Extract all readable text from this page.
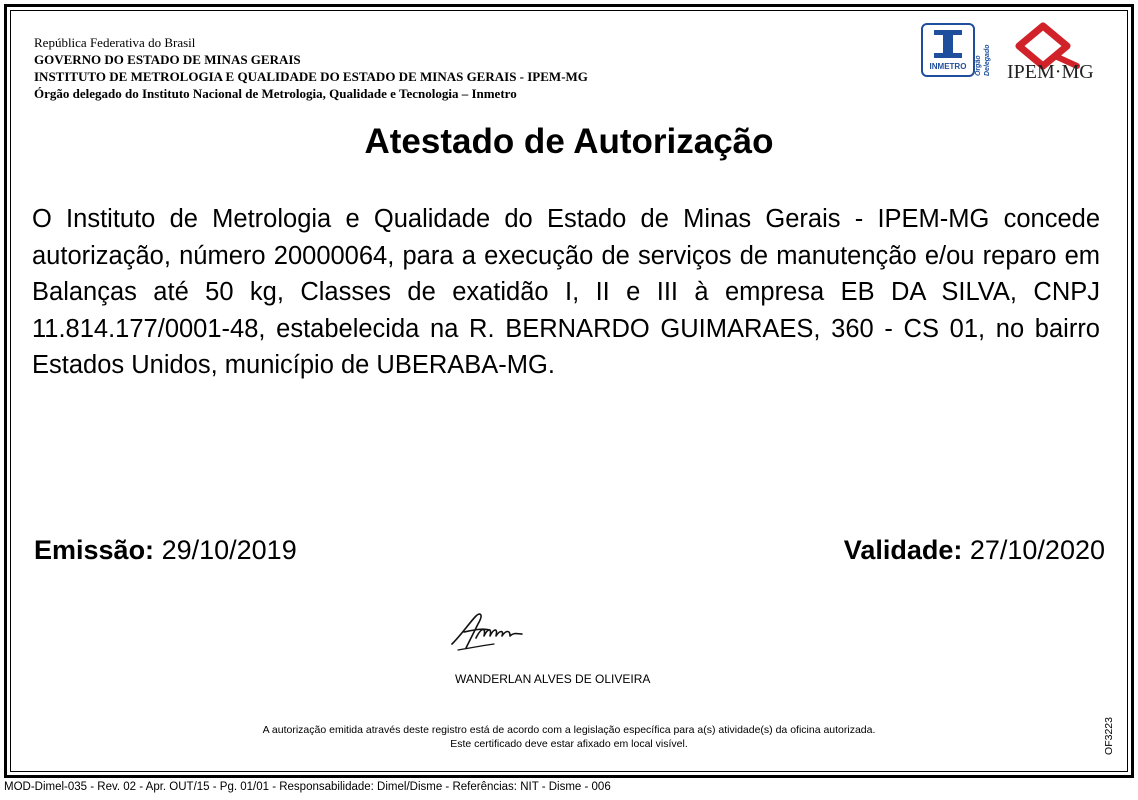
República Federativa do Brasil
GOVERNO DO ESTADO DE MINAS GERAIS
INSTITUTO DE METROLOGIA E QUALIDADE DO ESTADO DE MINAS GERAIS - IPEM-MG
Órgão delegado do Instituto Nacional de Metrologia, Qualidade e Tecnologia – Inmetro
INMETRO Órgão Delegado IPEM·MG
Atestado de Autorização
O Instituto de Metrologia e Qualidade do Estado de Minas Gerais - IPEM-MG concede autorização, número 20000064, para a execução de serviços de manutenção e/ou reparo em Balanças até 50 kg, Classes de exatidão I, II e III à empresa EB DA SILVA, CNPJ 11.814.177/0001-48, estabelecida na R. BERNARDO GUIMARAES, 360 - CS 01, no bairro Estados Unidos, município de UBERABA-MG.
Emissão: 29/10/2019	Validade: 27/10/2020
WANDERLAN ALVES DE OLIVEIRA
A autorização emitida através deste registro está de acordo com a legislação específica para a(s) atividade(s) da oficina autorizada.
Este certificado deve estar afixado em local visível.	OF3223
MOD-Dimel-035 - Rev. 02 - Apr. OUT/15 - Pg. 01/01 - Responsabilidade: Dimel/Disme - Referências: NIT - Disme - 006
